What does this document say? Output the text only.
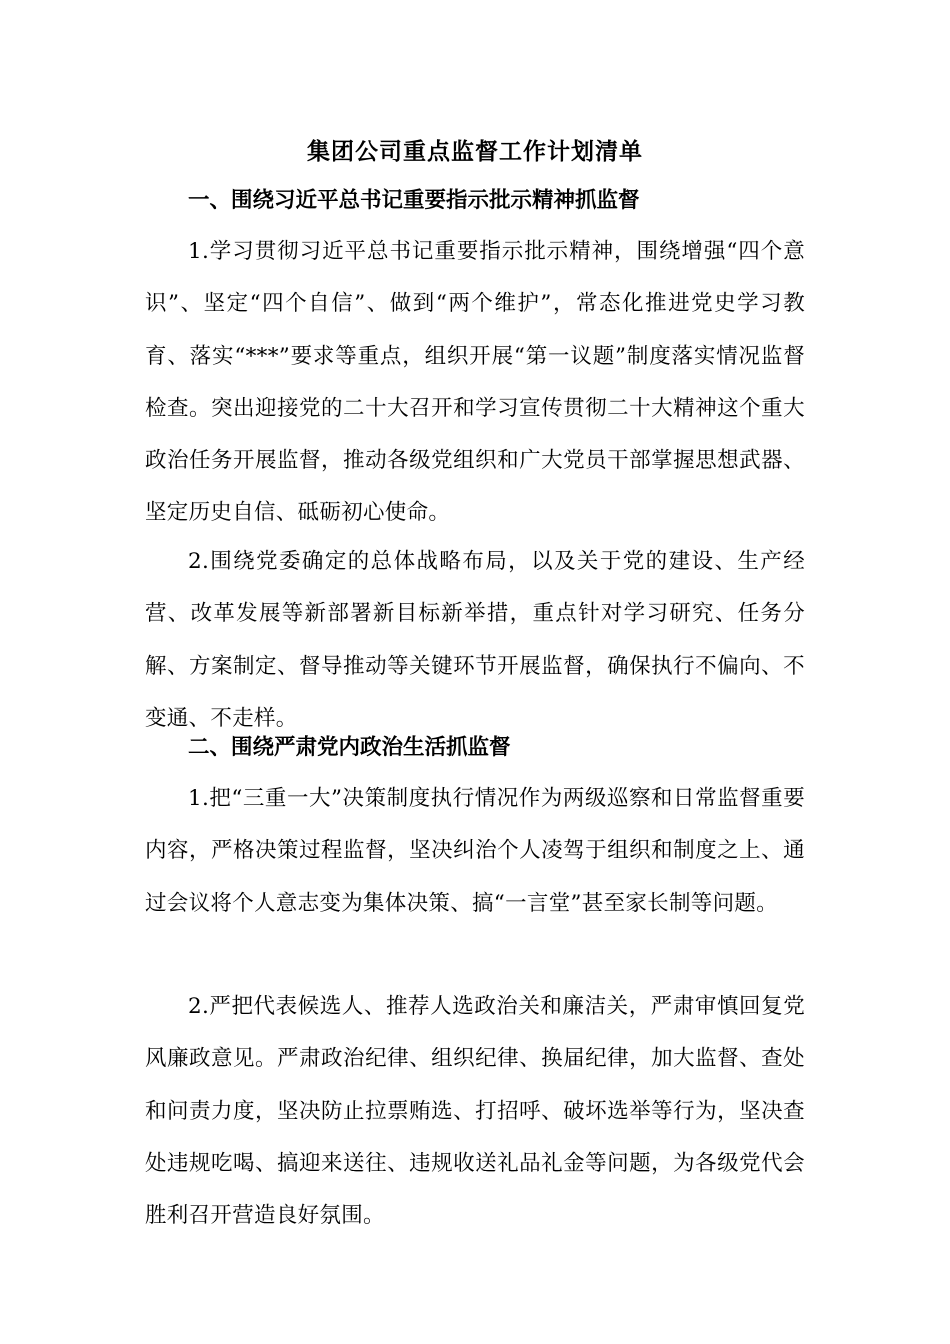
集团公司重点监督工作计划清单
一、围绕习近平总书记重要指示批示精神抓监督

1.学习贯彻习近平总书记重要指示批示精神，围绕增强“四个意识”、坚定“四个自信”、做到“两个维护”，常态化推进党史学习教育、落实“***”要求等重点，组织开展“第一议题”制度落实情况监督检查。突出迎接党的二十大召开和学习宣传贯彻二十大精神这个重大政治任务开展监督，推动各级党组织和广大党员干部掌握思想武器、坚定历史自信、砥砺初心使命。

2.围绕党委确定的总体战略布局，以及关于党的建设、生产经营、改革发展等新部署新目标新举措，重点针对学习研究、任务分解、方案制定、督导推动等关键环节开展监督，确保执行不偏向、不变通、不走样。

二、围绕严肃党内政治生活抓监督

1.把“三重一大”决策制度执行情况作为两级巡察和日常监督重要内容，严格决策过程监督，坚决纠治个人凌驾于组织和制度之上、通过会议将个人意志变为集体决策、搞“一言堂”甚至家长制等问题。

2.严把代表候选人、推荐人选政治关和廉洁关，严肃审慎回复党风廉政意见。严肃政治纪律、组织纪律、换届纪律，加大监督、查处和问责力度，坚决防止拉票贿选、打招呼、破坏选举等行为，坚决查处违规吃喝、搞迎来送往、违规收送礼品礼金等问题，为各级党代会胜利召开营造良好氛围。
